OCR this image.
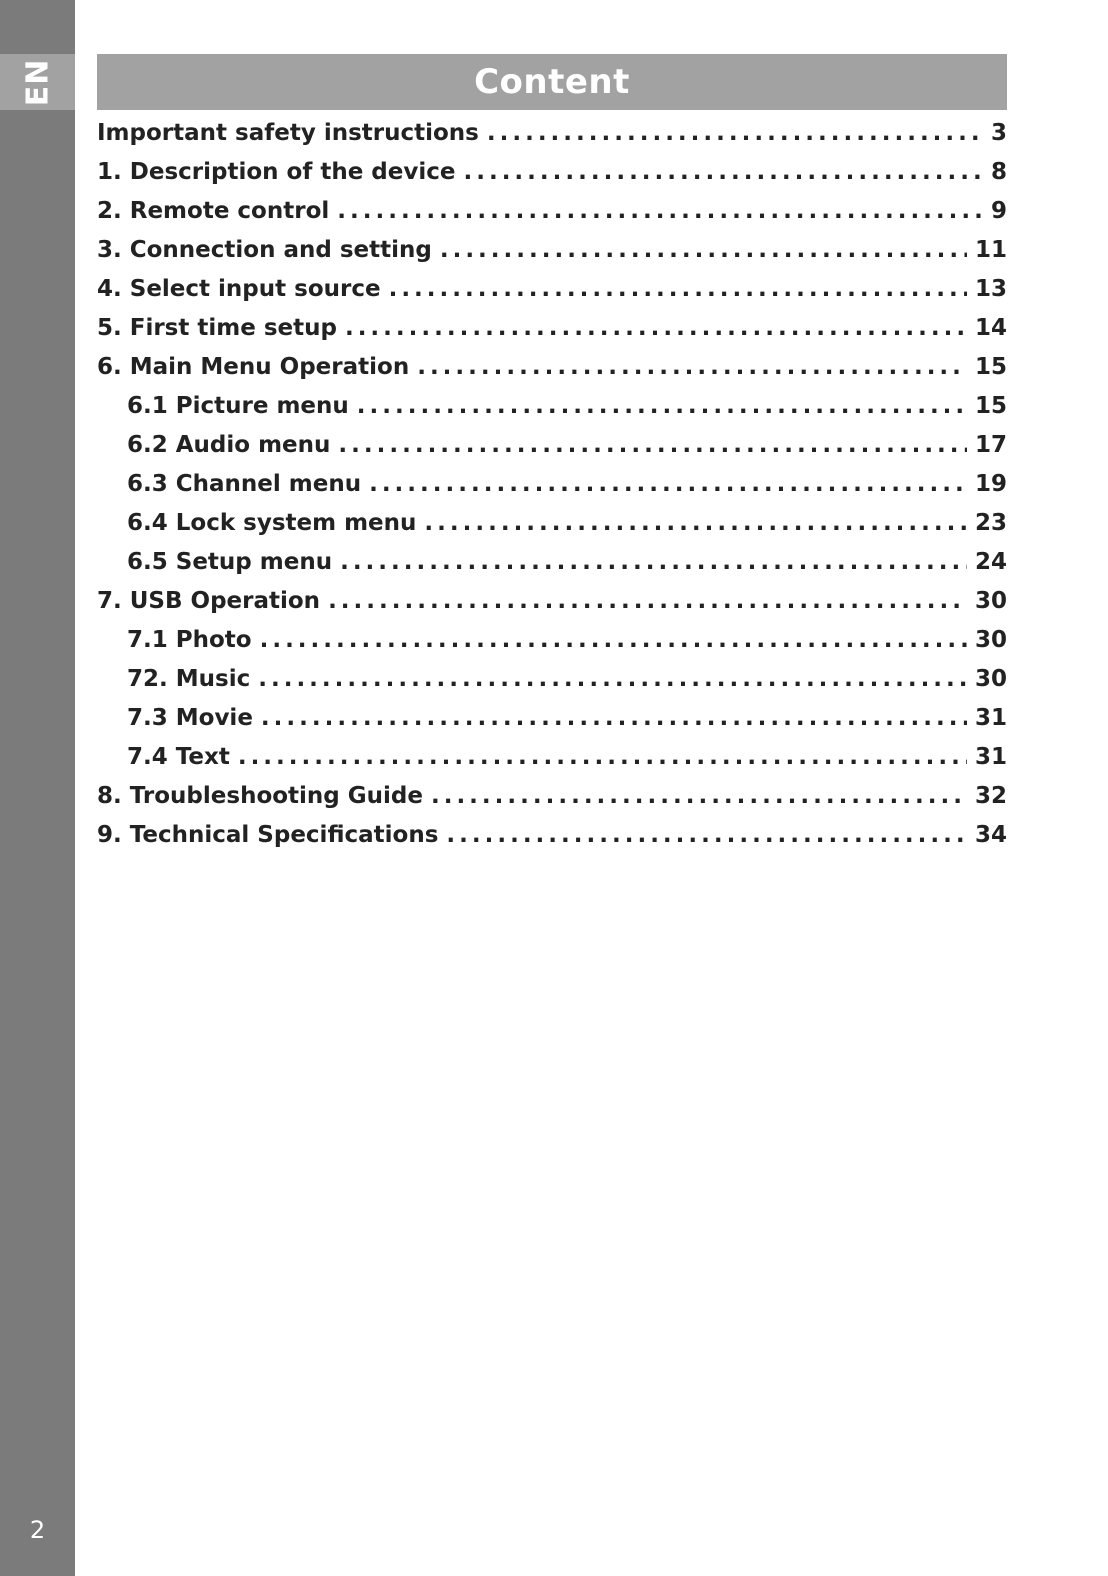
EN
2
Content
Important safety instructions .....	3
1. Description of the device .....	8
2. Remote control .....	9
3. Connection and setting .....	11
4. Select input source .....	13
5. First time setup .....	14
6. Main Menu Operation .....	15
6.1 Picture menu .....	15
6.2 Audio menu .....	17
6.3 Channel menu .....	19
6.4 Lock system menu .....	23
6.5 Setup menu .....	24
7. USB Operation .....	30
7.1 Photo .....	30
72. Music .....	30
7.3 Movie .....	31
7.4 Text .....	31
8. Troubleshooting Guide .....	32
9. Technical Specifications .....	34
